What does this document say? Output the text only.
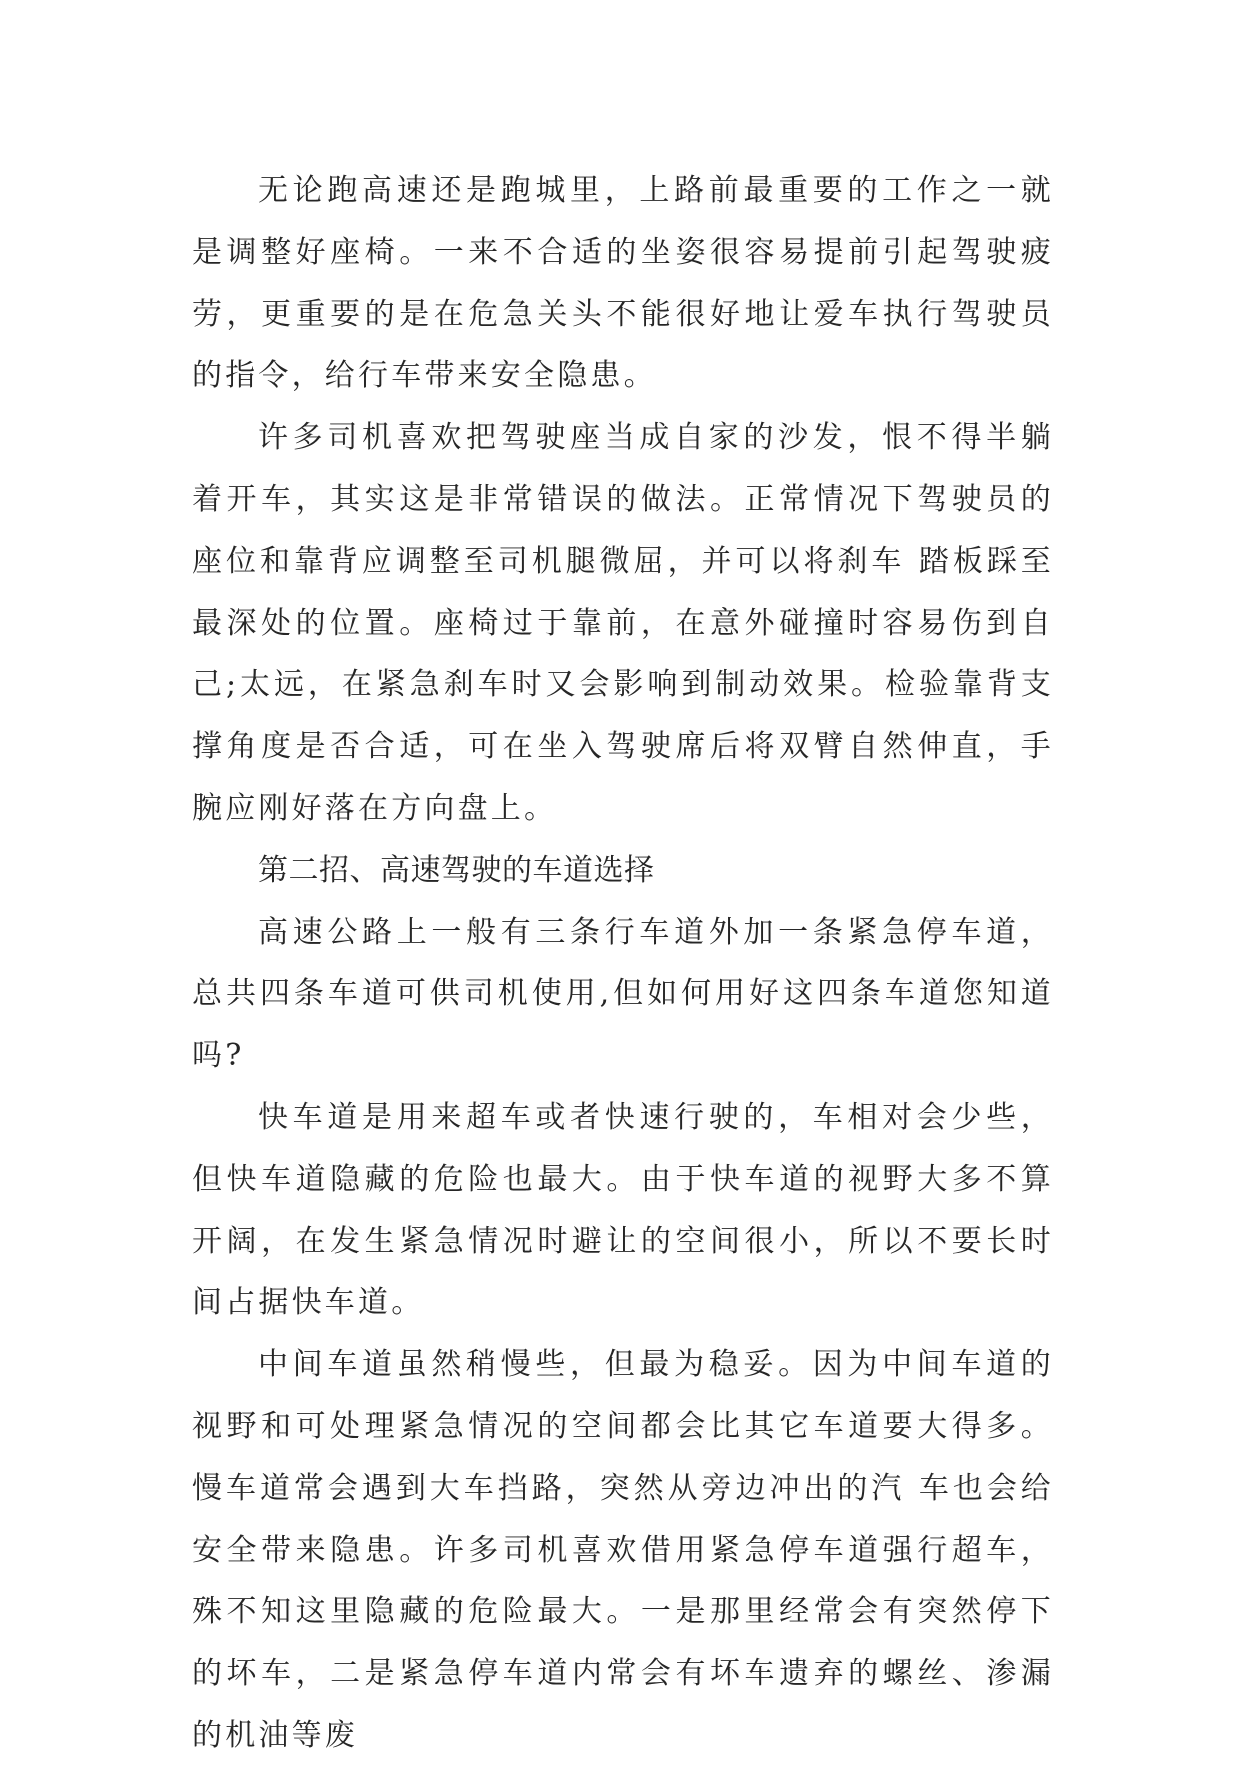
无论跑高速还是跑城里，上路前最重要的工作之一就是调整好座椅。一来不合适的坐姿很容易提前引起驾驶疲劳，更重要的是在危急关头不能很好地让爱车执行驾驶员的指令，给行车带来安全隐患。

许多司机喜欢把驾驶座当成自家的沙发，恨不得半躺着开车，其实这是非常错误的做法。正常情况下驾驶员的座位和靠背应调整至司机腿微屈，并可以将刹车 踏板踩至最深处的位置。座椅过于靠前，在意外碰撞时容易伤到自己;太远，在紧急刹车时又会影响到制动效果。检验靠背支撑角度是否合适，可在坐入驾驶席后将双臂自然伸直，手腕应刚好落在方向盘上。

第二招、高速驾驶的车道选择

高速公路上一般有三条行车道外加一条紧急停车道，总共四条车道可供司机使用,但如何用好这四条车道您知道吗?

快车道是用来超车或者快速行驶的，车相对会少些，但快车道隐藏的危险也最大。由于快车道的视野大多不算开阔，在发生紧急情况时避让的空间很小，所以不要长时间占据快车道。

中间车道虽然稍慢些，但最为稳妥。因为中间车道的视野和可处理紧急情况的空间都会比其它车道要大得多。慢车道常会遇到大车挡路，突然从旁边冲出的汽 车也会给安全带来隐患。许多司机喜欢借用紧急停车道强行超车，殊不知这里隐藏的危险最大。一是那里经常会有突然停下的坏车，二是紧急停车道内常会有坏车遗弃的螺丝、渗漏的机油等废
